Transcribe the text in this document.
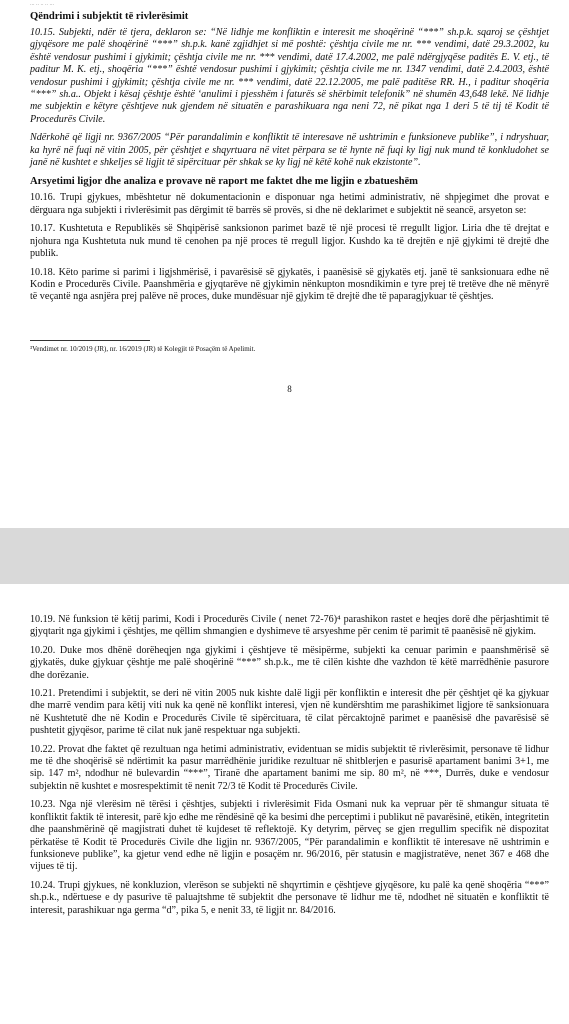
... .. .. .. ...
Qëndrimi i subjektit të rivlerësimit

10.15. Subjekti, ndër të tjera, deklaron se: “Në lidhje me konfliktin e interesit me shoqërinë “***” sh.p.k. sqaroj se çështjet gjyqësore me palë shoqërinë “***” sh.p.k. kanë zgjidhjet si më poshtë: çështja civile me nr. *** vendimi, datë 29.3.2002, ku është vendosur pushimi i gjykimit; çështja civile me nr. *** vendimi, datë 17.4.2002, me palë ndërgjyqëse paditës E. V. etj., të paditur M. K. etj., shoqëria “***” është vendosur pushimi i gjykimit; çështja civile me nr. 1347 vendimi, datë 2.4.2003, është vendosur pushimi i gjykimit; çështja civile me nr. *** vendimi, datë 22.12.2005, me palë paditëse RR. H., i paditur shoqëria “***” sh.a.. Objekt i kësaj çështje është ‘anulimi i pjesshëm i faturës së shërbimit telefonik” në shumën 43,648 lekë. Në lidhje me subjektin e këtyre çështjeve nuk gjendem në situatën e parashikuara nga neni 72, në pikat nga 1 deri 5 të tij të Kodit të Procedurës Civile.

Ndërkohë që ligji nr. 9367/2005 “Për parandalimin e konfliktit të interesave në ushtrimin e funksioneve publike”, i ndryshuar, ka hyrë në fuqi në vitin 2005, për çështjet e shqyrtuara në vitet përpara se të hynte në fuqi ky ligj nuk mund të konkludohet se janë në kushtet e shkeljes së ligjit të sipërcituar për shkak se ky ligj në këtë kohë nuk ekzistonte”.

Arsyetimi ligjor dhe analiza e provave në raport me faktet dhe me ligjin e zbatueshëm

10.16. Trupi gjykues, mbështetur në dokumentacionin e disponuar nga hetimi administrativ, në shpjegimet dhe provat e dërguara nga subjekti i rivlerësimit pas dërgimit të barrës së provës, si dhe në deklarimet e subjektit në seancë, arsyeton se:

10.17. Kushtetuta e Republikës së Shqipërisë sanksionon parimet bazë të një procesi të rregullt ligjor. Liria dhe të drejtat e njohura nga Kushtetuta nuk mund të cenohen pa një proces të rregull ligjor. Kushdo ka të drejtën e një gjykimi të drejtë dhe publik.

10.18. Këto parime si parimi i ligjshmërisë, i pavarësisë së gjykatës, i paanësisë së gjykatës etj. janë të sanksionuara edhe në Kodin e Procedurës Civile. Paanshmëria e gjyqtarëve në gjykimin nënkupton mosndikimin e tyre prej të tretëve dhe në mënyrë të veçantë nga asnjëra prej palëve në proces, duke mundësuar një gjykim të drejtë dhe të paparagjykuar të çështjes.

³Vendimet nr. 10/2019 (JR), nr. 16/2019 (JR) të Kolegjit të Posaçëm të Apelimit.

8

10.19. Në funksion të këtij parimi, Kodi i Procedurës Civile ( nenet 72-76)⁴ parashikon rastet e heqjes dorë dhe përjashtimit të gjyqtarit nga gjykimi i çështjes, me qëllim shmangien e dyshimeve të arsyeshme për cenim të parimit të paanësisë në gjykim.

10.20. Duke mos dhënë dorëheqjen nga gjykimi i çështjeve të mësipërme, subjekti ka cenuar parimin e paanshmërisë së gjykatës, duke gjykuar çështje me palë shoqërinë “***” sh.p.k., me të cilën kishte dhe vazhdon të këtë marrëdhënie pasurore dhe dorëzanie.

10.21. Pretendimi i subjektit, se deri në vitin 2005 nuk kishte dalë ligji për konfliktin e interesit dhe për çështjet që ka gjykuar dhe marrë vendim para këtij viti nuk ka qenë në konflikt interesi, vjen në kundërshtim me parashikimet ligjore të sanksionuara në Kushtetutë dhe në Kodin e Procedurës Civile të sipërcituara, të cilat përcaktojnë parimet e paanësisë dhe pavarësisë së pushtetit gjyqësor, parime të cilat nuk janë respektuar nga subjekti.

10.22. Provat dhe faktet që rezultuan nga hetimi administrativ, evidentuan se midis subjektit të rivlerësimit, personave të lidhur me të dhe shoqërisë së ndërtimit ka pasur marrëdhënie juridike rezultuar në shitblerjen e pasurisë apartament banimi 3+1, me sip. 147 m², ndodhur në bulevardin “***”, Tiranë dhe apartament banimi me sip. 80 m², në ***, Durrës, duke e vendosur subjektin në kushtet e mosrespektimit të nenit 72/3 të Kodit të Procedurës Civile.

10.23. Nga një vlerësim në tërësi i çështjes, subjekti i rivlerësimit Fida Osmani nuk ka vepruar për të shmangur situata të konfliktit faktik të interesit, parë kjo edhe me rëndësinë që ka besimi dhe perceptimi i publikut në pavarësinë, etikën, integritetin dhe paanshmërinë që magjistrati duhet të kujdeset të reflektojë. Ky detyrim, përveç se gjen rregullim specifik në dispozitat përkatëse të Kodit të Procedurës Civile dhe ligjin nr. 9367/2005, “Për parandalimin e konfliktit të interesave në ushtrimin e funksioneve publike”, ka gjetur vend edhe në ligjin e posaçëm nr. 96/2016, për statusin e magjistratëve, nenet 367 e 468 dhe vijues të tij.

10.24. Trupi gjykues, në konkluzion, vlerëson se subjekti në shqyrtimin e çështjeve gjyqësore, ku palë ka qenë shoqëria “***” sh.p.k., ndërtuese e dy pasurive të paluajtshme të subjektit dhe personave të lidhur me të, ndodhet në situatën e konfliktit të interesit, parashikuar nga germa “d”, pika 5, e nenit 33, të ligjit nr. 84/2016.
